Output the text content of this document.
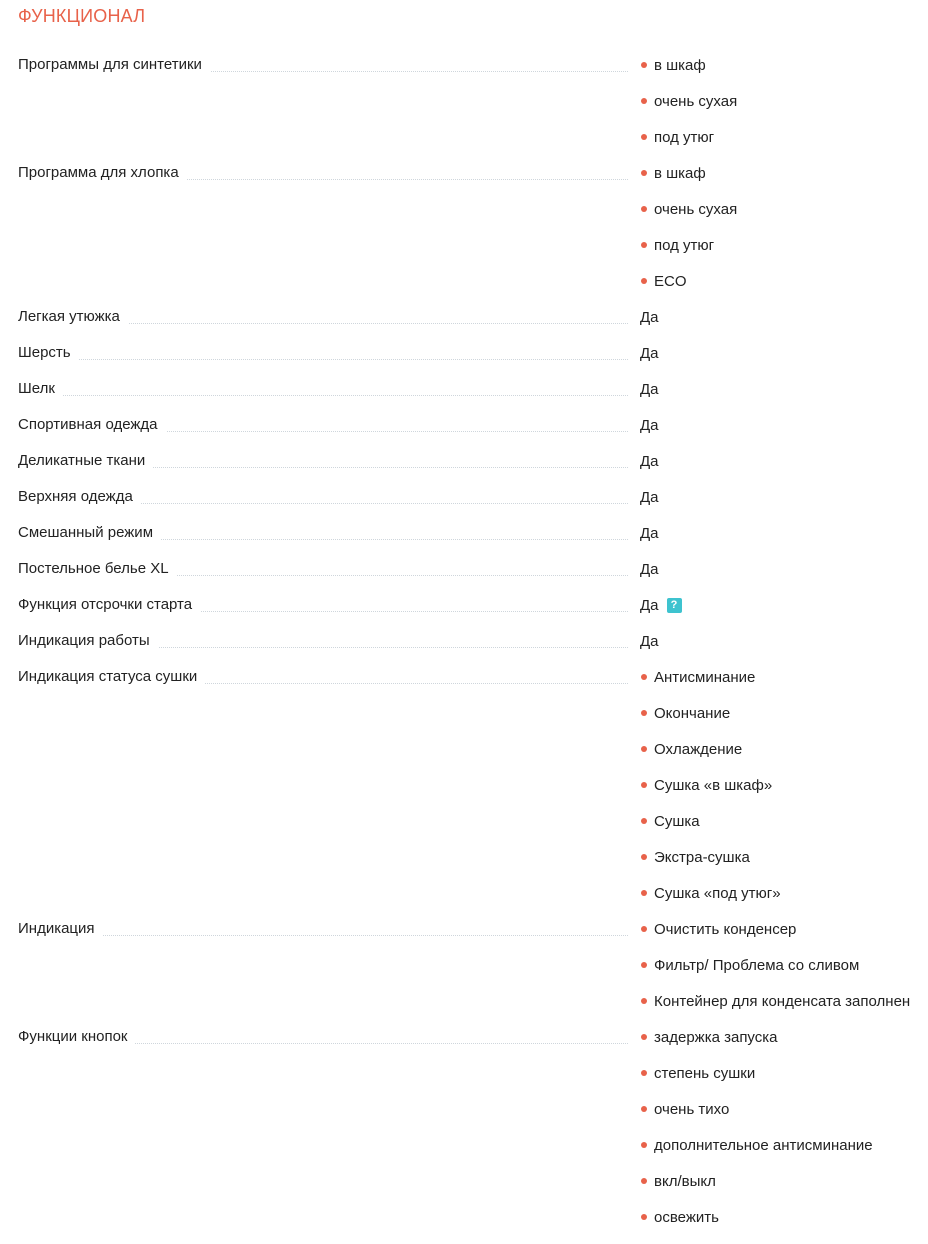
ФУНКЦИОНАЛ
Программы для синтетики	в шкаф
очень сухая
под утюг
Программа для хлопка	в шкаф
очень сухая
под утюг
ECO
Легкая утюжка	Да
Шерсть	Да
Шелк	Да
Спортивная одежда	Да
Деликатные ткани	Да
Верхняя одежда	Да
Смешанный режим	Да
Постельное белье XL	Да
Функция отсрочки старта	Да	?
Индикация работы	Да
Индикация статуса сушки	Антисминание
Окончание
Охлаждение
Сушка «в шкаф»
Сушка
Экстра-сушка
Сушка «под утюг»
Индикация	Очистить конденсер
Фильтр/ Проблема со сливом
Контейнер для конденсата заполнен
Функции кнопок	задержка запуска
степень сушки
очень тихо
дополнительное антисминание
вкл/выкл
освежить
